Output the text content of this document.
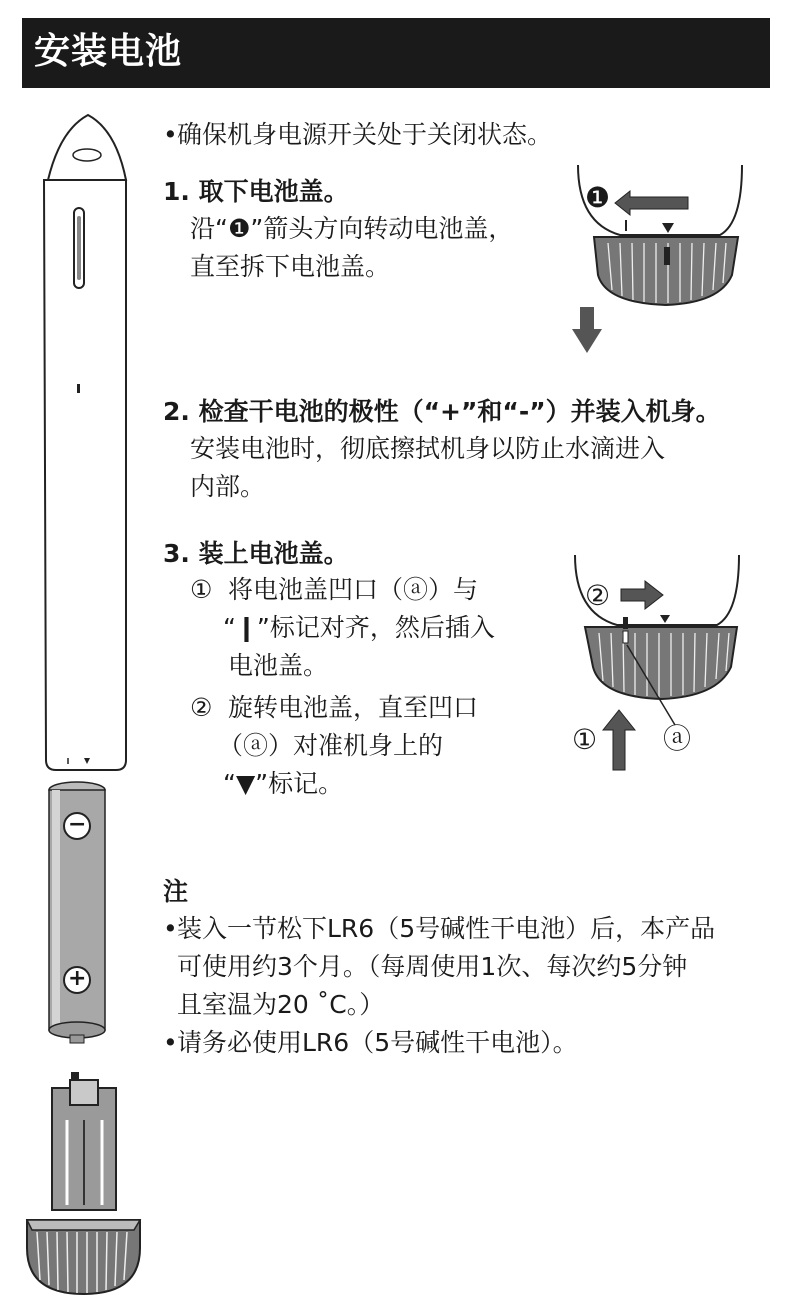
安装电池
−
+
•确保机身电源开关处于关闭状态。
1. 取下电池盖。
沿“❶”箭头方向转动电池盖，
直至拆下电池盖。
❶
2. 检查干电池的极性（“+”和“-”）并装入机身。
安装电池时，彻底擦拭机身以防止水滴进入
内部。
3. 装上电池盖。
① 将电池盖凹口（ⓐ）与
“❙”标记对齐，然后插入
电池盖。
② 旋转电池盖，直至凹口
（ⓐ）对准机身上的
“▼”标记。
②
① ⓐ
注
•装入一节松下LR6（5号碱性干电池）后，本产品
可使用约3个月。（每周使用1次、每次约5分钟
且室温为20 ˚C。）
•请务必使用LR6（5号碱性干电池）。
